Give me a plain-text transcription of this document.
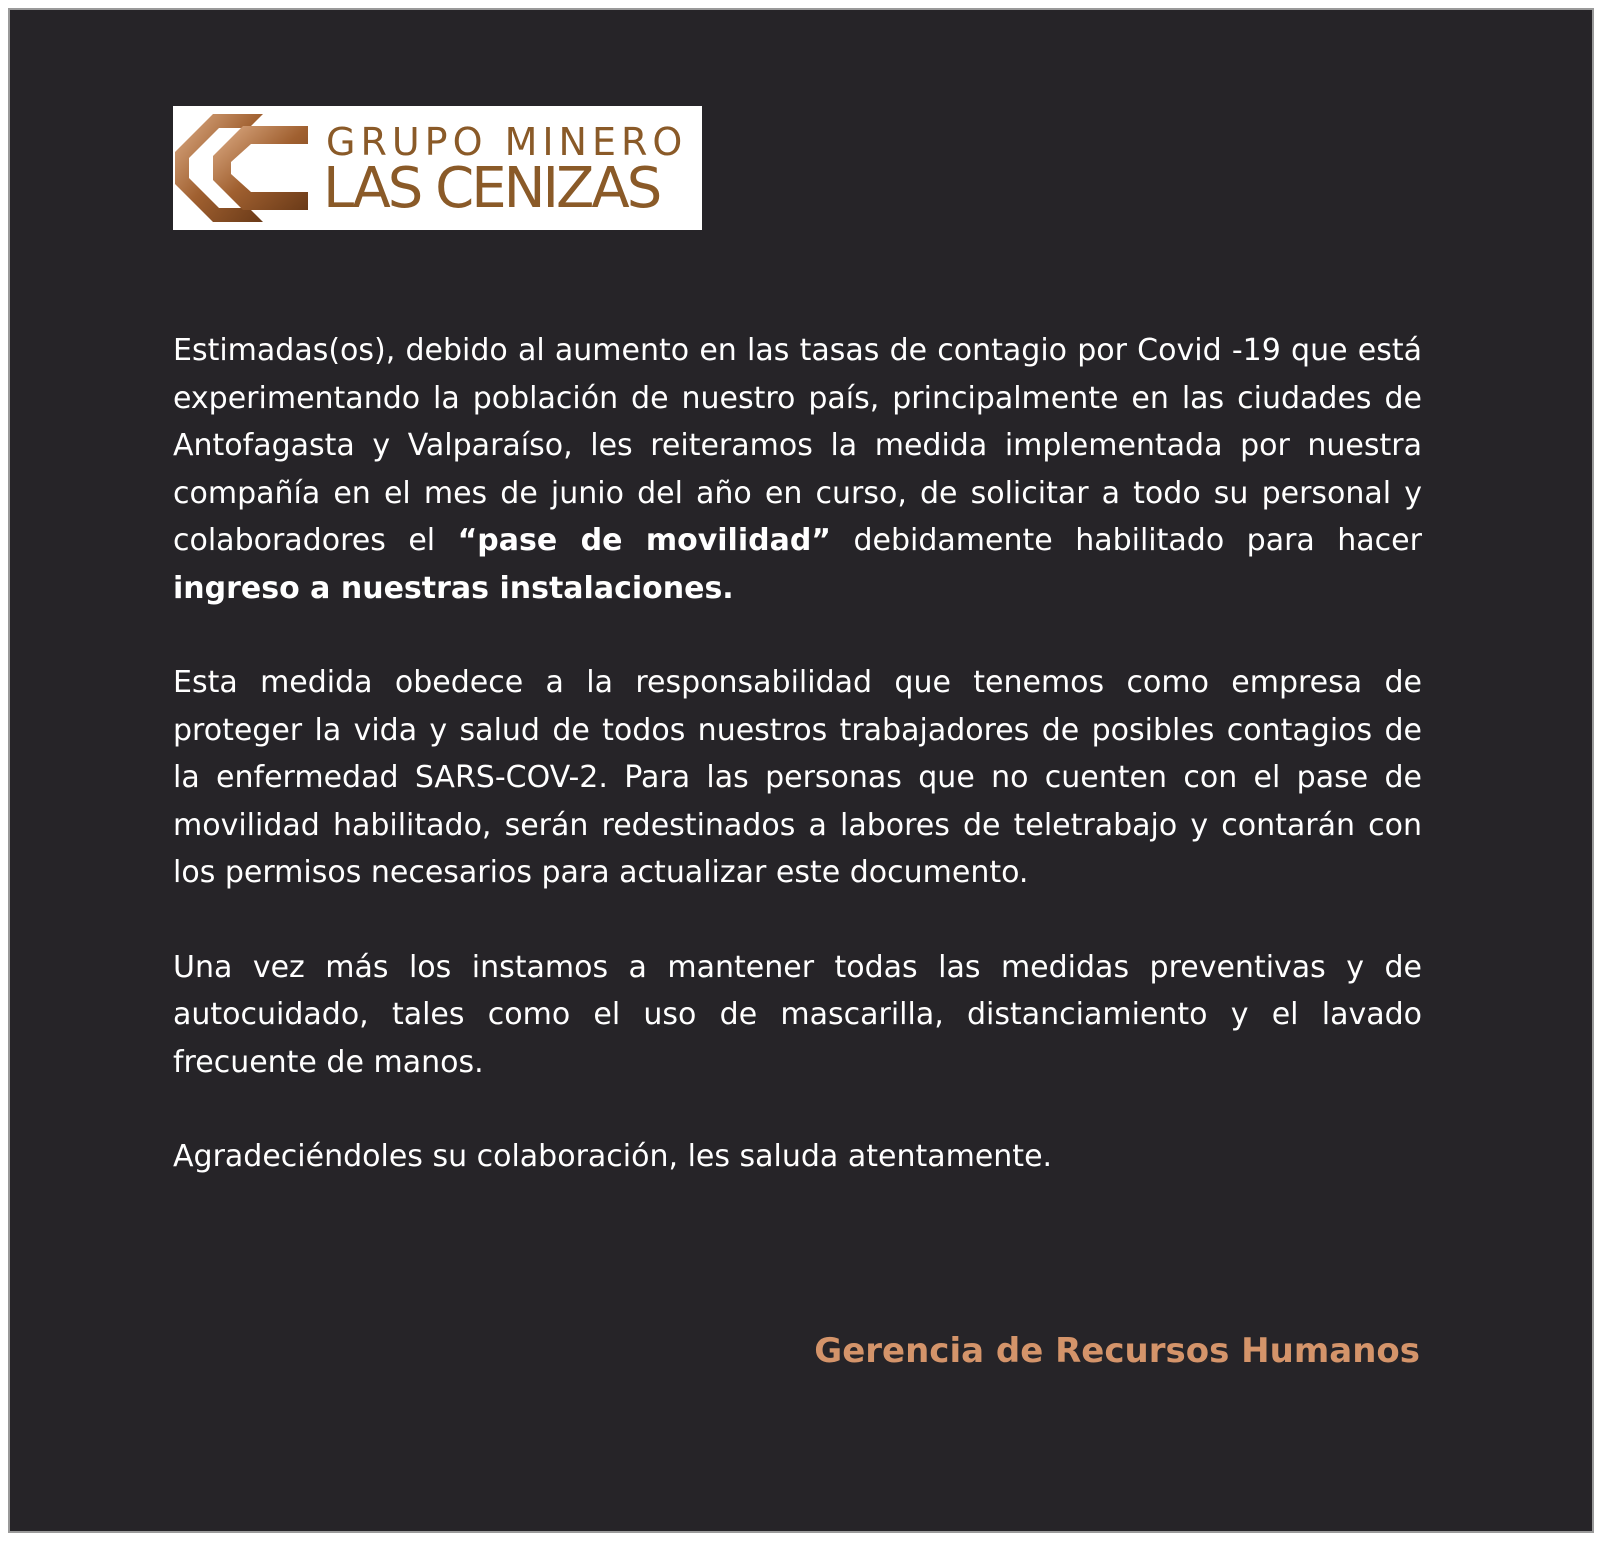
GRUPO MINERO
LAS CENIZAS

Estimadas(os), debido al aumento en las tasas de contagio por Covid -19 que está experimentando la población de nuestro país, principalmente en las ciudades de Antofagasta y Valparaíso, les reiteramos la medida implementada por nuestra compañía en el mes de junio del año en curso, de solicitar a todo su personal y colaboradores el “pase de movilidad” debidamente habilitado para hacer ingreso a nuestras instalaciones.

Esta medida obedece a la responsabilidad que tenemos como empresa de proteger la vida y salud de todos nuestros trabajadores de posibles contagios de la enfermedad SARS-COV-2. Para las personas que no cuenten con el pase de movilidad habilitado, serán redestinados a labores de teletrabajo y contarán con los permisos necesarios para actualizar este documento.

Una vez más los instamos a mantener todas las medidas preventivas y de autocuidado, tales como el uso de mascarilla, distanciamiento y el lavado frecuente de manos.

Agradeciéndoles su colaboración, les saluda atentamente.

Gerencia de Recursos Humanos
